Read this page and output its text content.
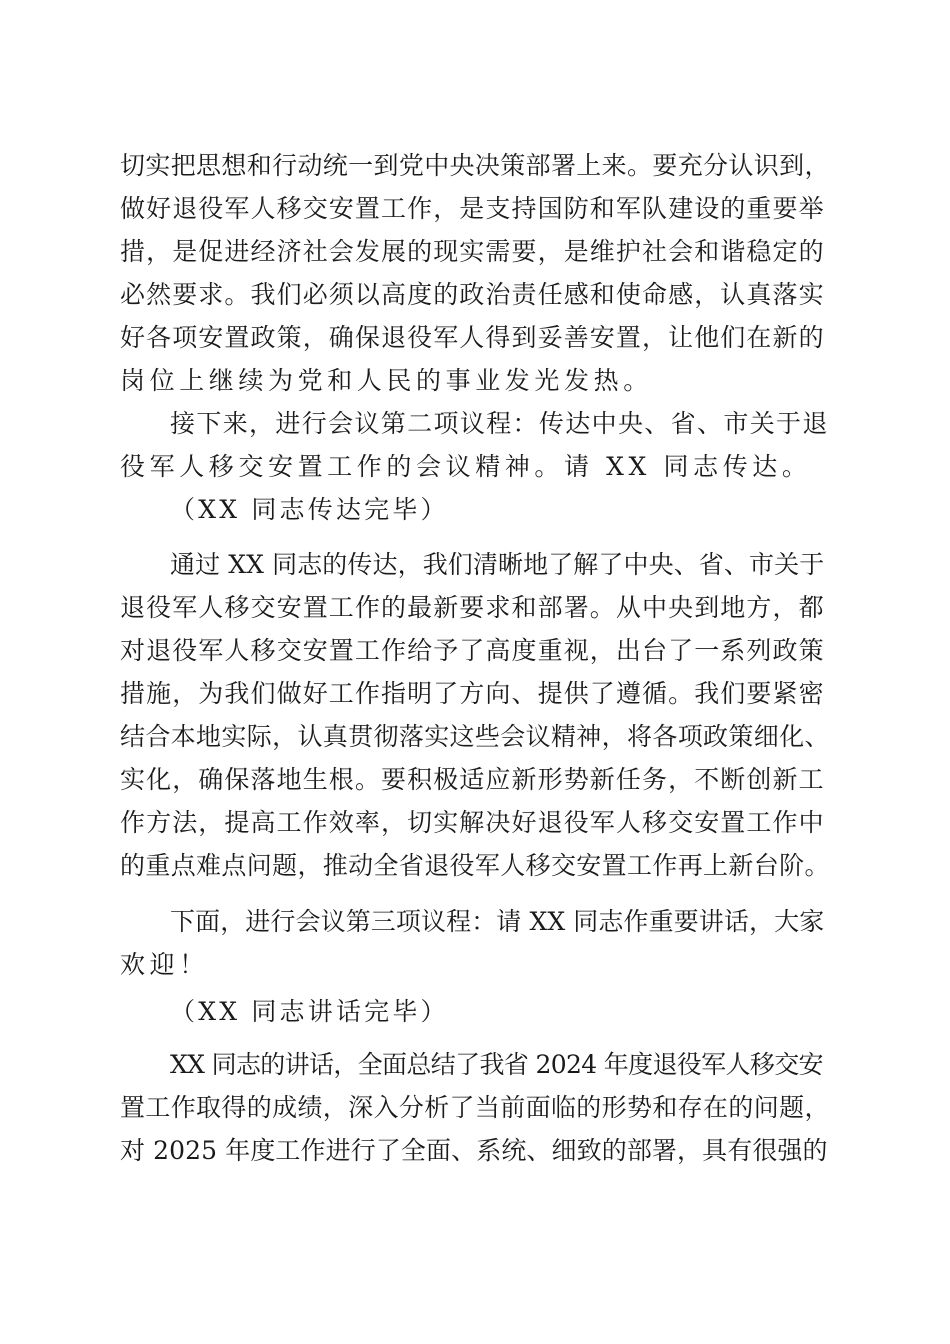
切实把思想和行动统一到党中央决策部署上来。要充分认识到，
做好退役军人移交安置工作，是支持国防和军队建设的重要举
措，是促进经济社会发展的现实需要，是维护社会和谐稳定的
必然要求。我们必须以高度的政治责任感和使命感，认真落实
好各项安置政策，确保退役军人得到妥善安置，让他们在新的
岗位上继续为党和人民的事业发光发热。
接下来，进行会议第二项议程：传达中央、省、市关于退
役军人移交安置工作的会议精神。请 XX 同志传达。
（XX 同志传达完毕）
通过 XX 同志的传达，我们清晰地了解了中央、省、市关于
退役军人移交安置工作的最新要求和部署。从中央到地方，都
对退役军人移交安置工作给予了高度重视，出台了一系列政策
措施，为我们做好工作指明了方向、提供了遵循。我们要紧密
结合本地实际，认真贯彻落实这些会议精神，将各项政策细化、
实化，确保落地生根。要积极适应新形势新任务，不断创新工
作方法，提高工作效率，切实解决好退役军人移交安置工作中
的重点难点问题，推动全省退役军人移交安置工作再上新台阶。
下面，进行会议第三项议程：请 XX 同志作重要讲话，大家
欢迎！
（XX 同志讲话完毕）
XX 同志的讲话，全面总结了我省 2024 年度退役军人移交安
置工作取得的成绩，深入分析了当前面临的形势和存在的问题，
对 2025 年度工作进行了全面、系统、细致的部署，具有很强的
